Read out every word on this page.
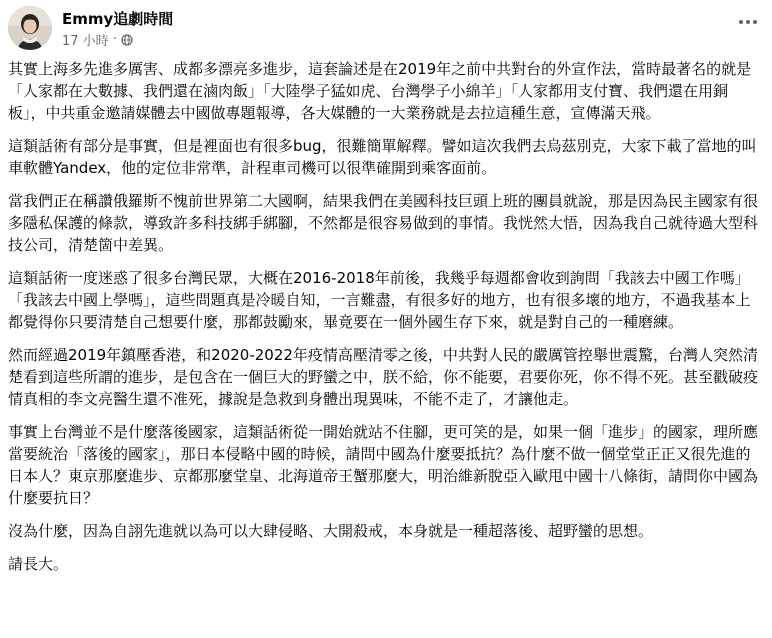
Emmy追劇時間
17 小時 ·

其實上海多先進多厲害、成都多漂亮多進步，這套論述是在2019年之前中共對台的外宣作法，當時最著名的就是「人家都在大數據、我們還在滷肉飯」「大陸學子猛如虎、台灣學子小綿羊」「人家都用支付寶、我們還在用銅板」，中共重金邀請媒體去中國做專題報導，各大媒體的一大業務就是去拉這種生意，宣傳滿天飛。

這類話術有部分是事實，但是裡面也有很多bug，很難簡單解釋。譬如這次我們去烏茲別克，大家下載了當地的叫車軟體Yandex，他的定位非常準，計程車司機可以很準確開到乘客面前。

當我們正在稱讚俄羅斯不愧前世界第二大國啊，結果我們在美國科技巨頭上班的團員就說，那是因為民主國家有很多隱私保護的條款，導致許多科技綁手綁腳，不然都是很容易做到的事情。我恍然大悟，因為我自己就待過大型科技公司，清楚箇中差異。

這類話術一度迷惑了很多台灣民眾，大概在2016-2018年前後，我幾乎每週都會收到詢問「我該去中國工作嗎」「我該去中國上學嗎」，這些問題真是冷暖自知，一言難盡，有很多好的地方，也有很多壞的地方，不過我基本上都覺得你只要清楚自己想要什麼，那都鼓勵來，畢竟要在一個外國生存下來，就是對自己的一種磨練。

然而經過2019年鎮壓香港，和2020-2022年疫情高壓清零之後，中共對人民的嚴厲管控舉世震驚，台灣人突然清楚看到這些所謂的進步，是包含在一個巨大的野蠻之中，朕不給，你不能要，君要你死，你不得不死。甚至戳破疫情真相的李文亮醫生還不准死，據說是急救到身體出現異味，不能不走了，才讓他走。

事實上台灣並不是什麼落後國家，這類話術從一開始就站不住腳，更可笑的是，如果一個「進步」的國家，理所應當要統治「落後的國家」，那日本侵略中國的時候，請問中國為什麼要抵抗？為什麼不做一個堂堂正正又很先進的日本人？東京那麼進步、京都那麼堂皇、北海道帝王蟹那麼大，明治維新脫亞入歐甩中國十八條街，請問你中國為什麼要抗日？

沒為什麼，因為自詡先進就以為可以大肆侵略、大開殺戒，本身就是一種超落後、超野蠻的思想。

請長大。
